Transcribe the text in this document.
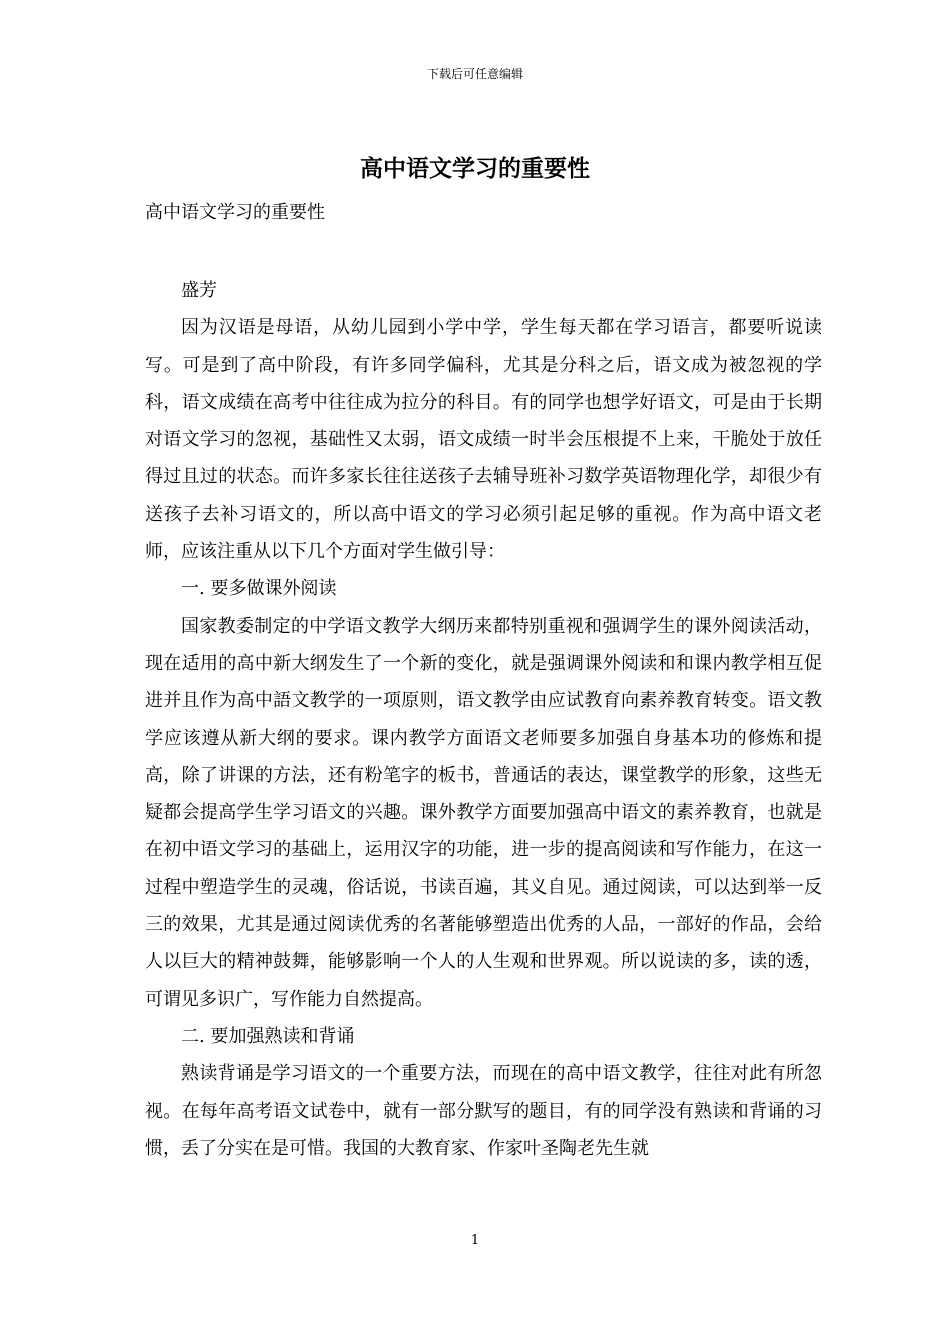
下载后可任意编辑
高中语文学习的重要性
高中语文学习的重要性

盛芳

因为汉语是母语，从幼儿园到小学中学，学生每天都在学习语言，都要听说读写。可是到了高中阶段，有许多同学偏科，尤其是分科之后，语文成为被忽视的学科，语文成绩在高考中往往成为拉分的科目。有的同学也想学好语文，可是由于长期对语文学习的忽视，基础性又太弱，语文成绩一时半会压根提不上来，干脆处于放任得过且过的状态。而许多家长往往送孩子去辅导班补习数学英语物理化学，却很少有送孩子去补习语文的，所以高中语文的学习必须引起足够的重视。作为高中语文老师，应该注重从以下几个方面对学生做引导：

一. 要多做课外阅读

国家教委制定的中学语文教学大纲历来都特别重视和强调学生的课外阅读活动，现在适用的高中新大纲发生了一个新的变化，就是强调课外阅读和和课内教学相互促进并且作为高中語文教学的一项原则，语文教学由应试教育向素养教育转变。语文教学应该遵从新大纲的要求。课内教学方面语文老师要多加强自身基本功的修炼和提高，除了讲课的方法，还有粉笔字的板书，普通话的表达，课堂教学的形象，这些无疑都会提高学生学习语文的兴趣。课外教学方面要加强高中语文的素养教育，也就是在初中语文学习的基础上，运用汉字的功能，进一步的提高阅读和写作能力，在这一过程中塑造学生的灵魂，俗话说，书读百遍，其义自见。通过阅读，可以达到举一反三的效果，尤其是通过阅读优秀的名著能够塑造出优秀的人品，一部好的作品，会给人以巨大的精神鼓舞，能够影响一个人的人生观和世界观。所以说读的多，读的透，可谓见多识广，写作能力自然提高。

二. 要加强熟读和背诵

熟读背诵是学习语文的一个重要方法，而现在的高中语文教学，往往对此有所忽视。在每年高考语文试卷中，就有一部分默写的题目，有的同学没有熟读和背诵的习惯，丢了分实在是可惜。我国的大教育家、作家叶圣陶老先生就

1
